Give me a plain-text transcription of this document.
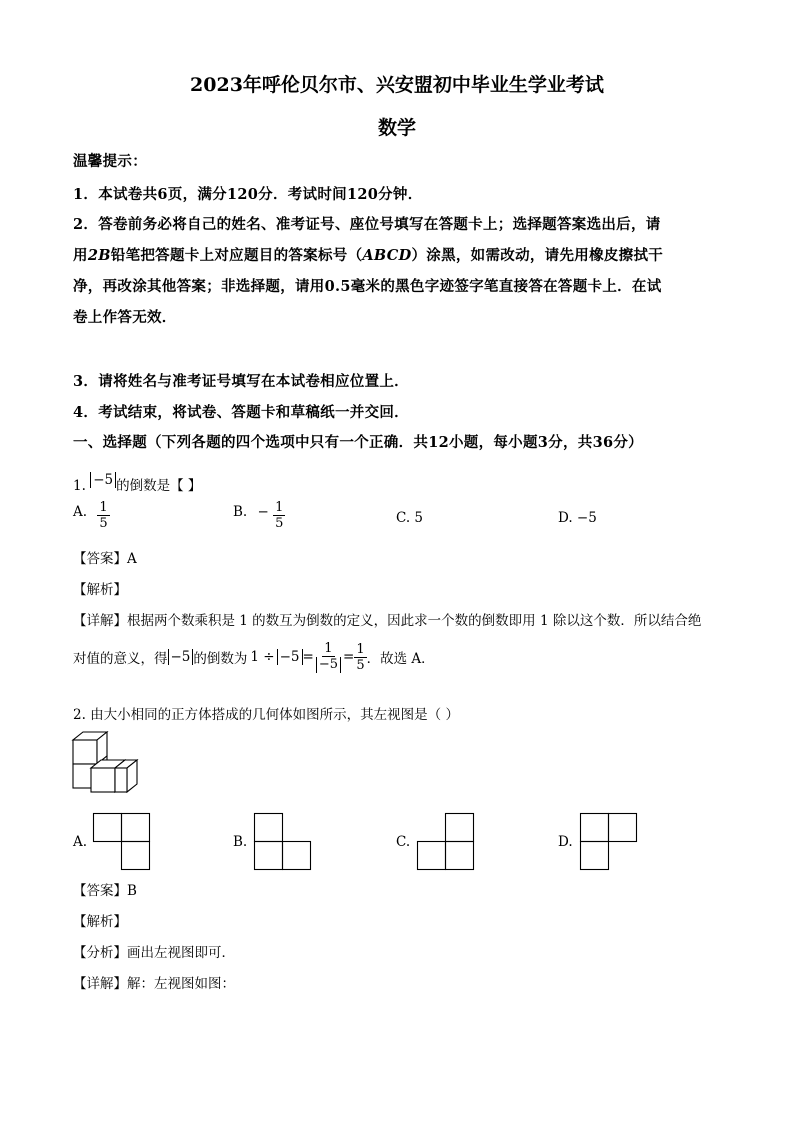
2023年呼伦贝尔市、兴安盟初中毕业生学业考试
数学
温馨提示：
1．本试卷共6页，满分120分．考试时间120分钟．
2．答卷前务必将自己的姓名、准考证号、座位号填写在答题卡上；选择题答案选出后，请
用2B铅笔把答题卡上对应题目的答案标号（ABCD）涂黑，如需改动，请先用橡皮擦拭干
净，再改涂其他答案；非选择题，请用0.5毫米的黑色字迹签字笔直接答在答题卡上．在试
卷上作答无效．
3．请将姓名与准考证号填写在本试卷相应位置上．
4．考试结束，将试卷、答题卡和草稿纸一并交回．
一、选择题（下列各题的四个选项中只有一个正确．共12小题，每小题3分，共36分）
1. −5 的倒数是【 】
A. $\frac{1}{5}$	B. − $\frac{1}{5}$	C. 5	D. −5
【答案】A
【解析】
【详解】根据两个数乘积是 1 的数互为倒数的定义，因此求一个数的倒数即用 1 除以这个数．所以结合绝
对值的意义，得 −5 的倒数为 $1 \div -5 = \frac{1}{-5} = \frac{1}{5}$ ．故选 A．
2. 由大小相同的正方体搭成的几何体如图所示，其左视图是（ ）
A.	B.	C.	D.
【答案】B
【解析】
【分析】画出左视图即可．
【详解】解：左视图如图：
